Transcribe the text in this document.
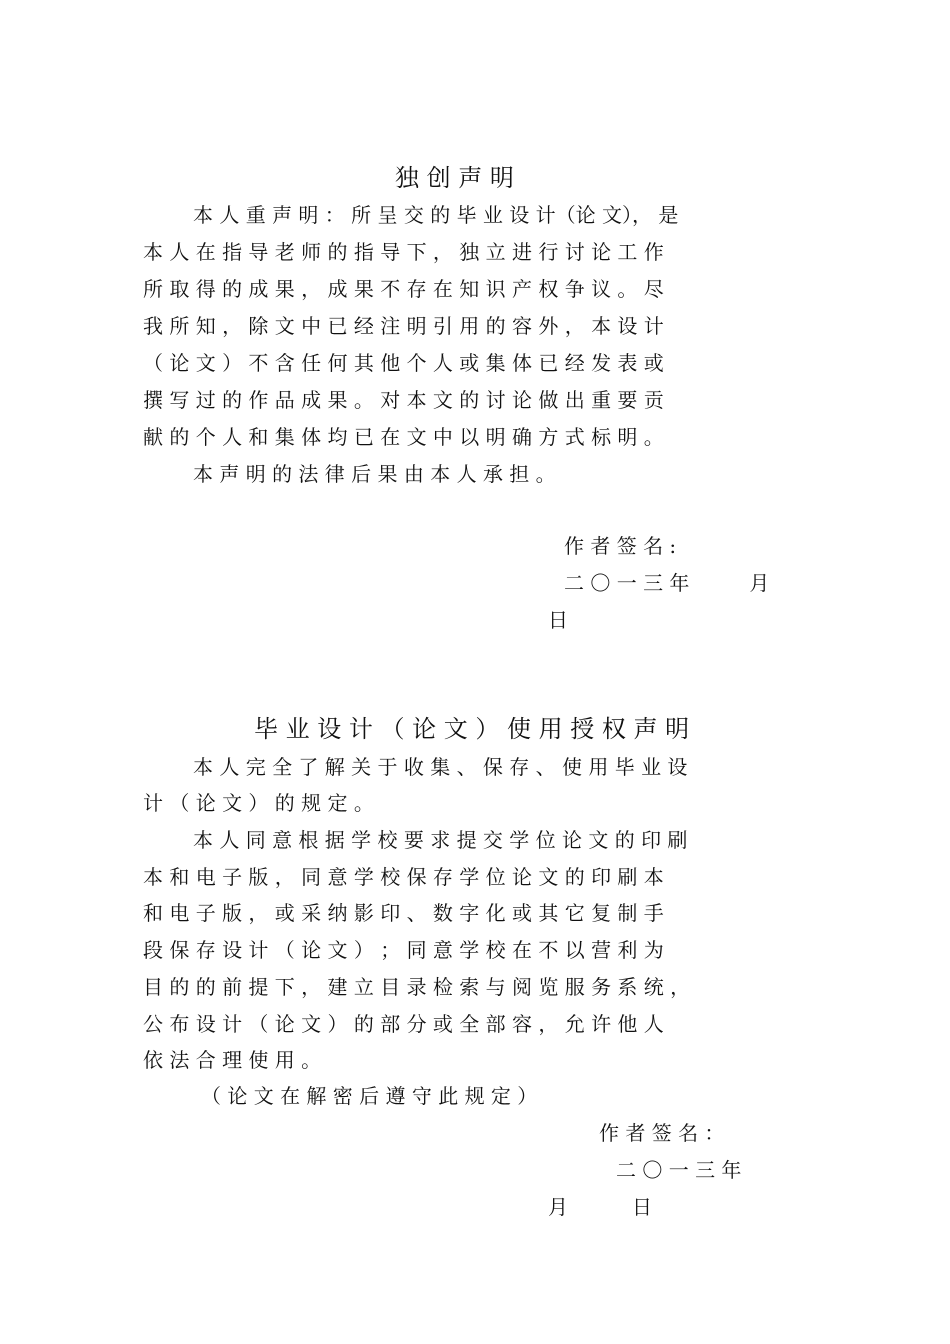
独 创 声 明
本 人 重 声 明 ： 所 呈 交 的 毕 业 设 计（论 文）， 是
本 人 在 指 导 老 师 的 指 导 下 ， 独 立 进 行 讨 论 工 作
所 取 得 的 成 果 ， 成 果 不 存 在 知 识 产 权 争 议 。 尽
我 所 知 ， 除 文 中 已 经 注 明 引 用 的 容 外 ， 本 设 计
（ 论 文 ） 不 含 任 何 其 他 个 人 或 集 体 已 经 发 表 或
撰 写 过 的 作 品 成 果 。 对 本 文 的 讨 论 做 出 重 要 贡
献 的 个 人 和 集 体 均 已 在 文 中 以 明 确 方 式 标 明 。
本 声 明 的 法 律 后 果 由 本 人 承 担 。
作 者 签 名 :
二 〇 一 三 年　　　月
日
毕 业 设 计 （ 论 文 ） 使 用 授 权 声 明
本 人 完 全 了 解 关 于 收 集 、 保 存 、 使 用 毕 业 设
计 （ 论 文 ） 的 规 定 。
本 人 同 意 根 据 学 校 要 求 提 交 学 位 论 文 的 印 刷
本 和 电 子 版 ， 同 意 学 校 保 存 学 位 论 文 的 印 刷 本
和 电 子 版 ， 或 采 纳 影 印 、 数 字 化 或 其 它 复 制 手
段 保 存 设 计 （ 论 文 ） ； 同 意 学 校 在 不 以 营 利 为
目 的 的 前 提 下 ， 建 立 目 录 检 索 与 阅 览 服 务 系 统 ，
公 布 设 计 （ 论 文 ） 的 部 分 或 全 部 容 ， 允 许 他 人
依 法 合 理 使 用 。
（ 论 文 在 解 密 后 遵 守 此 规 定 ）
作 者 签 名 ：
二 〇 一 三 年
月	日
